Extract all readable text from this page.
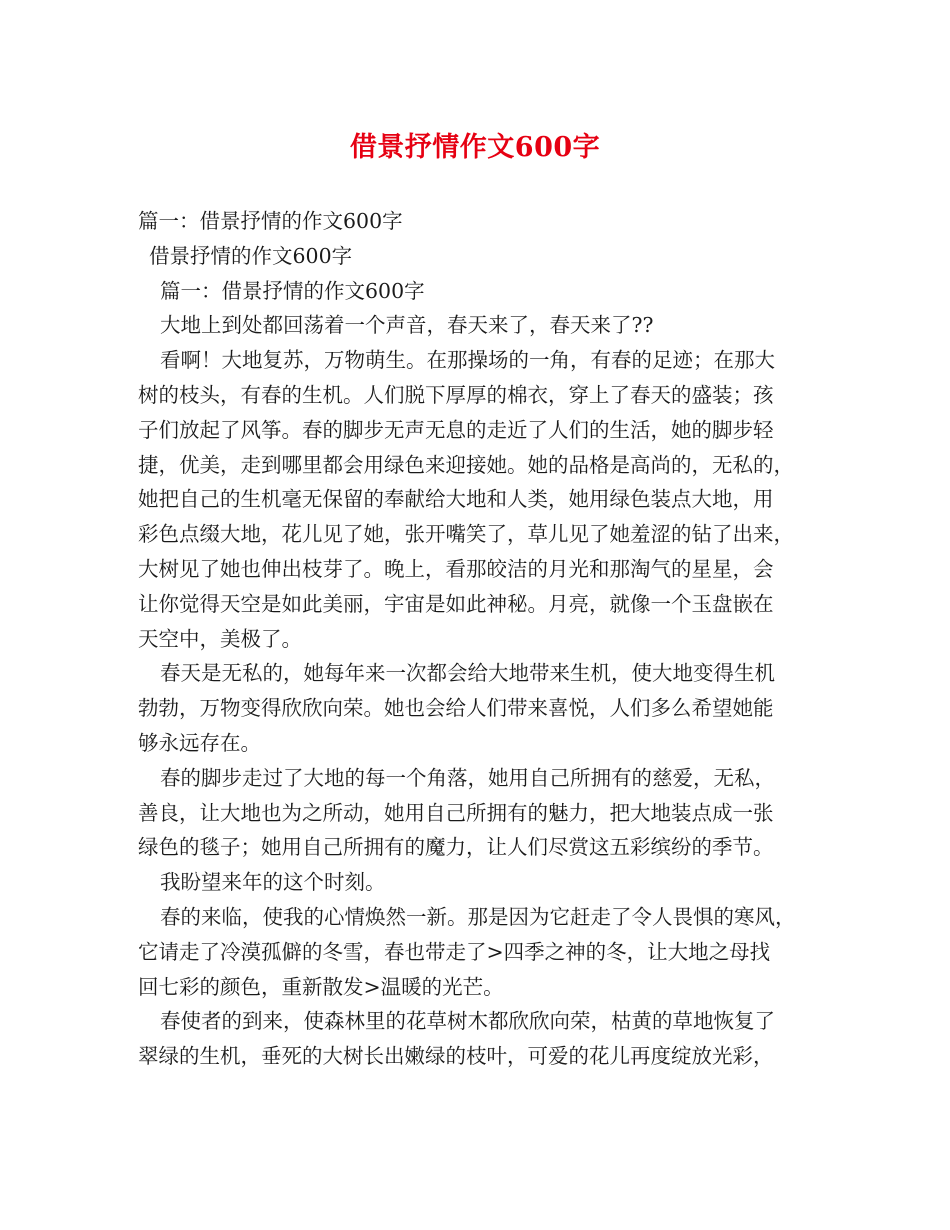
借景抒情作文600字

篇一：借景抒情的作文600字

借景抒情的作文600字

篇一：借景抒情的作文600字

大地上到处都回荡着一个声音，春天来了，春天来了??

看啊！大地复苏，万物萌生。在那操场的一角，有春的足迹；在那大

树的枝头，有春的生机。人们脱下厚厚的棉衣，穿上了春天的盛装；孩

子们放起了风筝。春的脚步无声无息的走近了人们的生活，她的脚步轻

捷，优美，走到哪里都会用绿色来迎接她。她的品格是高尚的，无私的，

她把自己的生机毫无保留的奉献给大地和人类，她用绿色装点大地，用

彩色点缀大地，花儿见了她，张开嘴笑了，草儿见了她羞涩的钻了出来，

大树见了她也伸出枝芽了。晚上，看那皎洁的月光和那淘气的星星，会

让你觉得天空是如此美丽，宇宙是如此神秘。月亮，就像一个玉盘嵌在

天空中，美极了。

春天是无私的，她每年来一次都会给大地带来生机，使大地变得生机

勃勃，万物变得欣欣向荣。她也会给人们带来喜悦，人们多么希望她能

够永远存在。

春的脚步走过了大地的每一个角落，她用自己所拥有的慈爱，无私，

善良，让大地也为之所动，她用自己所拥有的魅力，把大地装点成一张

绿色的毯子；她用自己所拥有的魔力，让人们尽赏这五彩缤纷的季节。

我盼望来年的这个时刻。

春的来临，使我的心情焕然一新。那是因为它赶走了令人畏惧的寒风，

它请走了冷漠孤僻的冬雪，春也带走了>四季之神的冬，让大地之母找

回七彩的颜色，重新散发>温暖的光芒。

春使者的到来，使森林里的花草树木都欣欣向荣，枯黄的草地恢复了

翠绿的生机，垂死的大树长出嫩绿的枝叶，可爱的花儿再度绽放光彩，
